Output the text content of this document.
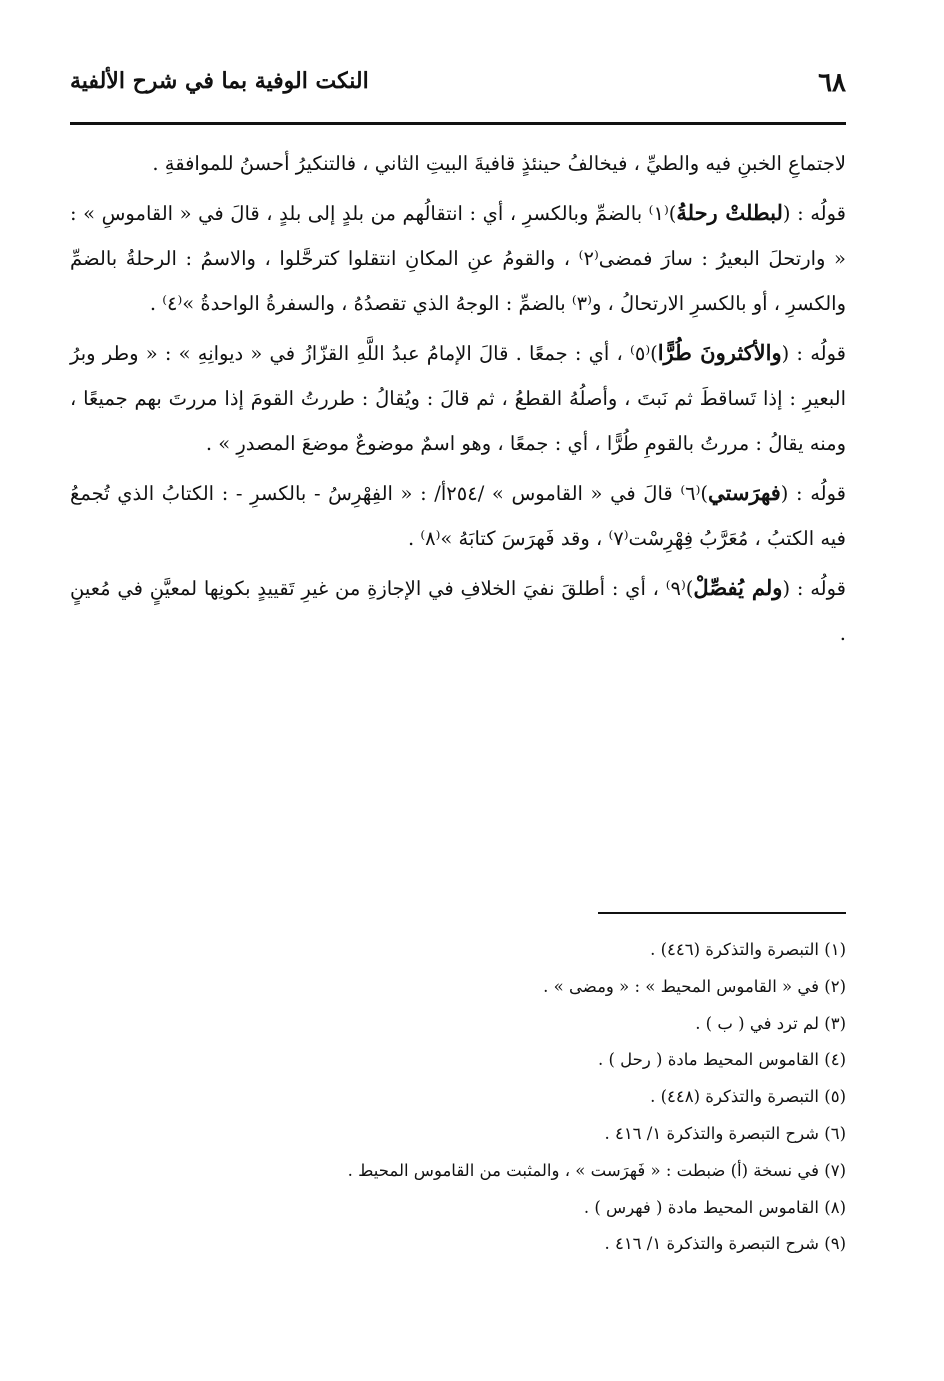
٦٨
النكت الوفية بما في شرح الألفية

لاجتماعِ الخبنِ فيه والطيِّ ، فيخالفُ حينئذٍ قافيةَ البيتِ الثاني ، فالتنكيرُ أحسنُ للموافقةِ .

قولُه : (لبطلتْ رحلةُ)⁽١⁾ بالضمِّ وبالكسرِ ، أي : انتقالُهم من بلدٍ إلى بلدٍ ، قالَ في « القاموسِ » : « وارتحلَ البعيرُ : سارَ فمضى⁽٢⁾ ، والقومُ عنِ المكانِ انتقلوا كترحَّلوا ، والاسمُ : الرحلةُ بالضمِّ والكسرِ ، أو بالكسرِ الارتحالُ ، و⁽٣⁾ بالضمِّ : الوجهُ الذي تقصدُهُ ، والسفرةُ الواحدةُ »⁽٤⁾ .

قولُه : (والأكثرونَ طُرًّا)⁽٥⁾ ، أي : جمعًا . قالَ الإمامُ عبدُ اللَّهِ القزّازُ في « ديوانِهِ » : « وطر وبرُ البعيرِ : إذا تَساقطَ ثم نَبتَ ، وأصلُهُ القطعُ ، ثم قالَ : ويُقالُ : طررتُ القومَ إذا مررتَ بهم جميعًا ، ومنه يقالُ : مررتُ بالقومِ طُرًّا ، أي : جمعًا ، وهو اسمٌ موضوعٌ موضعَ المصدرِ » .

قولُه : (فهرَستي)⁽٦⁾ قالَ في « القاموس » /٢٥٤أ/ : « الفِهْرِسُ - بالكسرِ - : الكتابُ الذي تُجمعُ فيه الكتبُ ، مُعَرَّبُ فِهْرِسْت⁽٧⁾ ، وقد فَهرَسَ كتابَهُ »⁽٨⁾ .

قولُه : (ولم يُفصِّلْ)⁽٩⁾ ، أي : أطلقَ نفيَ الخلافِ في الإجازةِ من غيرِ تَقييدٍ بكونِها لمعيَّنٍ في مُعينٍ .

(١) التبصرة والتذكرة (٤٤٦) .

(٢) في « القاموس المحيط » : « ومضى » .

(٣) لم ترد في ( ب ) .

(٤) القاموس المحيط مادة ( رحل ) .

(٥) التبصرة والتذكرة (٤٤٨) .

(٦) شرح التبصرة والتذكرة ١/ ٤١٦ .

(٧) في نسخة (أ) ضبطت : « فَهرَست » ، والمثبت من القاموس المحيط .

(٨) القاموس المحيط مادة ( فهرس ) .

(٩) شرح التبصرة والتذكرة ١/ ٤١٦ .
